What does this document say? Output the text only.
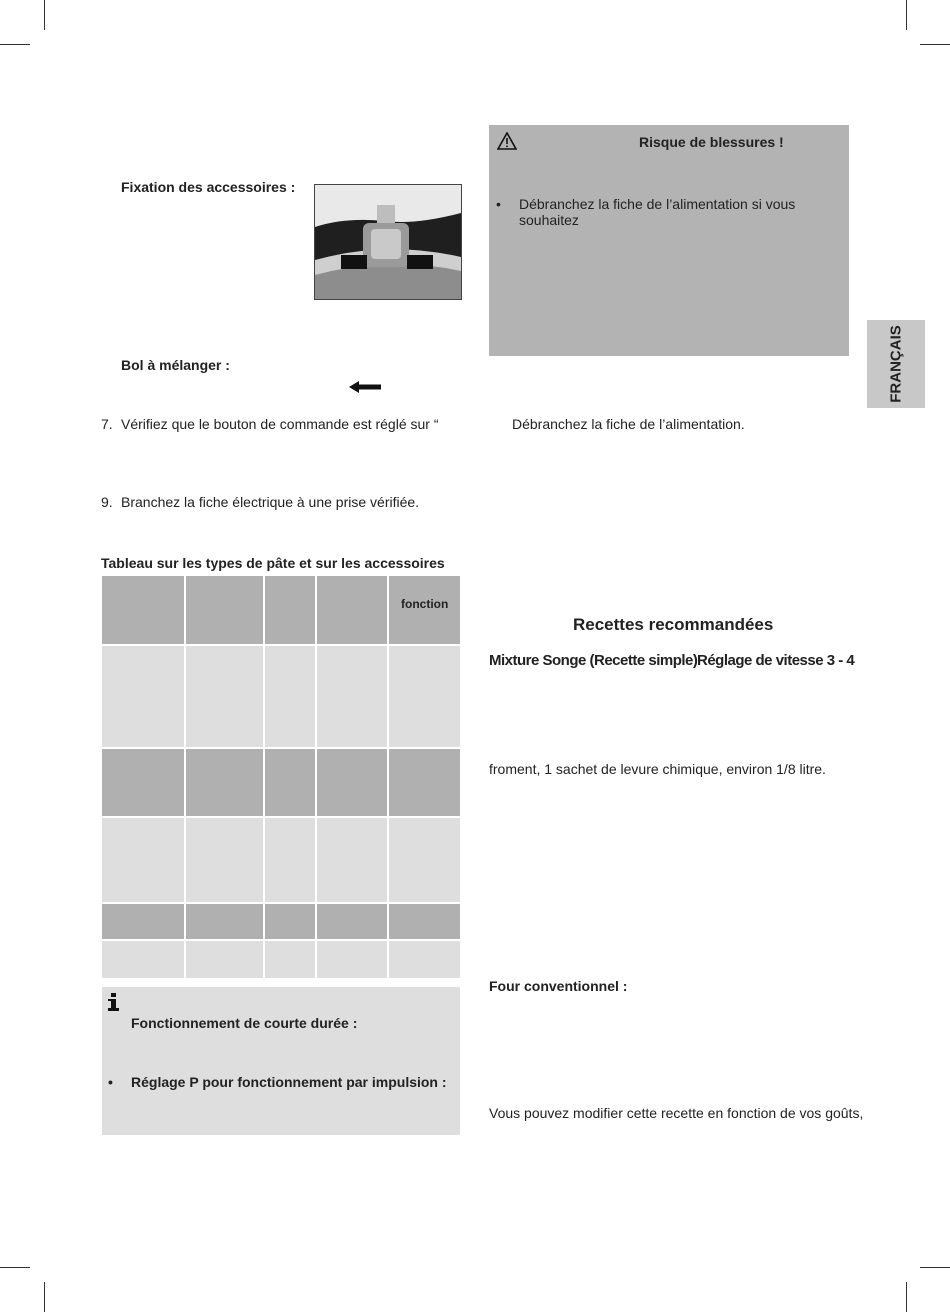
Fixation des accessoires :
Bol à mélanger :
7. Vérifiez que le bouton de commande est réglé sur “
9. Branchez la fiche électrique à une prise vérifiée.
Tableau sur les types de pâte et sur les accessoires
fonction
Fonctionnement de courte durée :
• Réglage P pour fonctionnement par impulsion :
Risque de blessures !
• Débranchez la fiche de l’alimentation si vous souhaitez
FRANÇAIS
Débranchez la fiche de l’alimentation.
Recettes recommandées
Mixture Songe (Recette simple) Réglage de vitesse 3 - 4
froment, 1 sachet de levure chimique, environ 1/8 litre.
Four conventionnel :
Vous pouvez modifier cette recette en fonction de vos goûts,
